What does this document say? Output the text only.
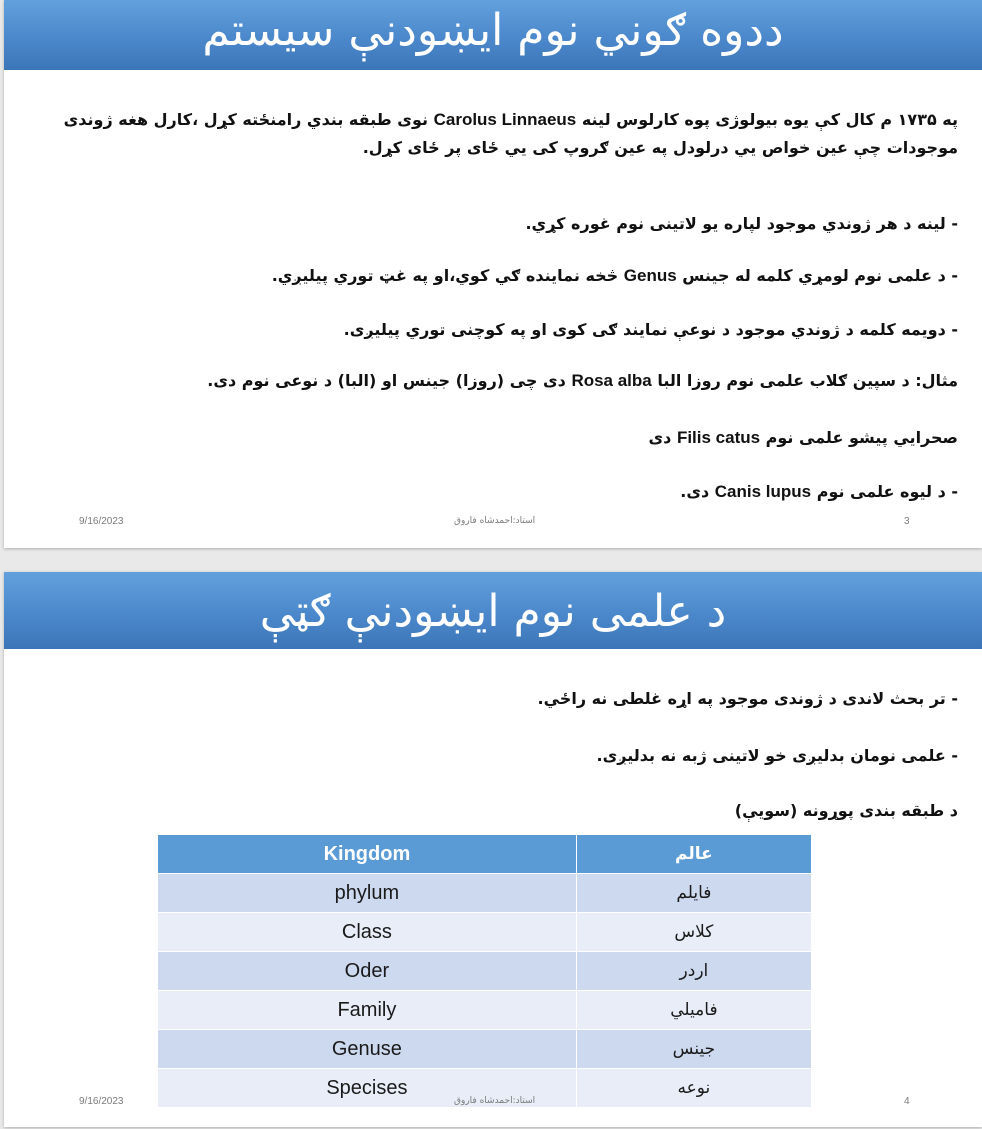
ددوه ګوني نوم ایښودنې سیستم
په ۱۷۳۵ م کال کې یوه بیولوژی پوه کارلوس لینه Carolus Linnaeus نوی طبقه بندي رامنځته کړل ،کارل هغه ژوندی موجودات چې عین خواص یي درلودل په عین ګروپ کی یي ځای پر ځای کړل.
- لینه د هر ژوندي موجود لپاره یو لاتینی نوم غوره کړي.
- د علمی نوم لومړي کلمه له جینس Genus څخه نماینده ګي کوي،او په غټ توري پیلیږي.
- دویمه کلمه د ژوندي موجود د نوعې نمایند ګی کوی او په کوچنی توري پیلیږی.
مثال: د سپین ګلاب علمی نوم روزا البا Rosa alba دی چی (روزا) جینس او (البا) د نوعی نوم دی.
صحرایي پیشو علمی نوم Filis catus دی
- د لیوه علمی نوم Canis lupus دی.
9/16/2023	استاد:احمدشاه فاروق	3
د علمی نوم ایښودنې ګټې
- تر بحث لاندی د ژوندی موجود په اړه غلطی نه راځي.
- علمی نومان بدلیږی خو لاتینی ژبه نه بدلیږی.
د طبقه بندی پوړونه (سویې)
Kingdom	عالم
phylum	فایلم
Class	کلاس
Oder	اردر
Family	فامیلي
Genuse	جینس
Specises	نوعه
9/16/2023	استاد:احمدشاه فاروق	4
